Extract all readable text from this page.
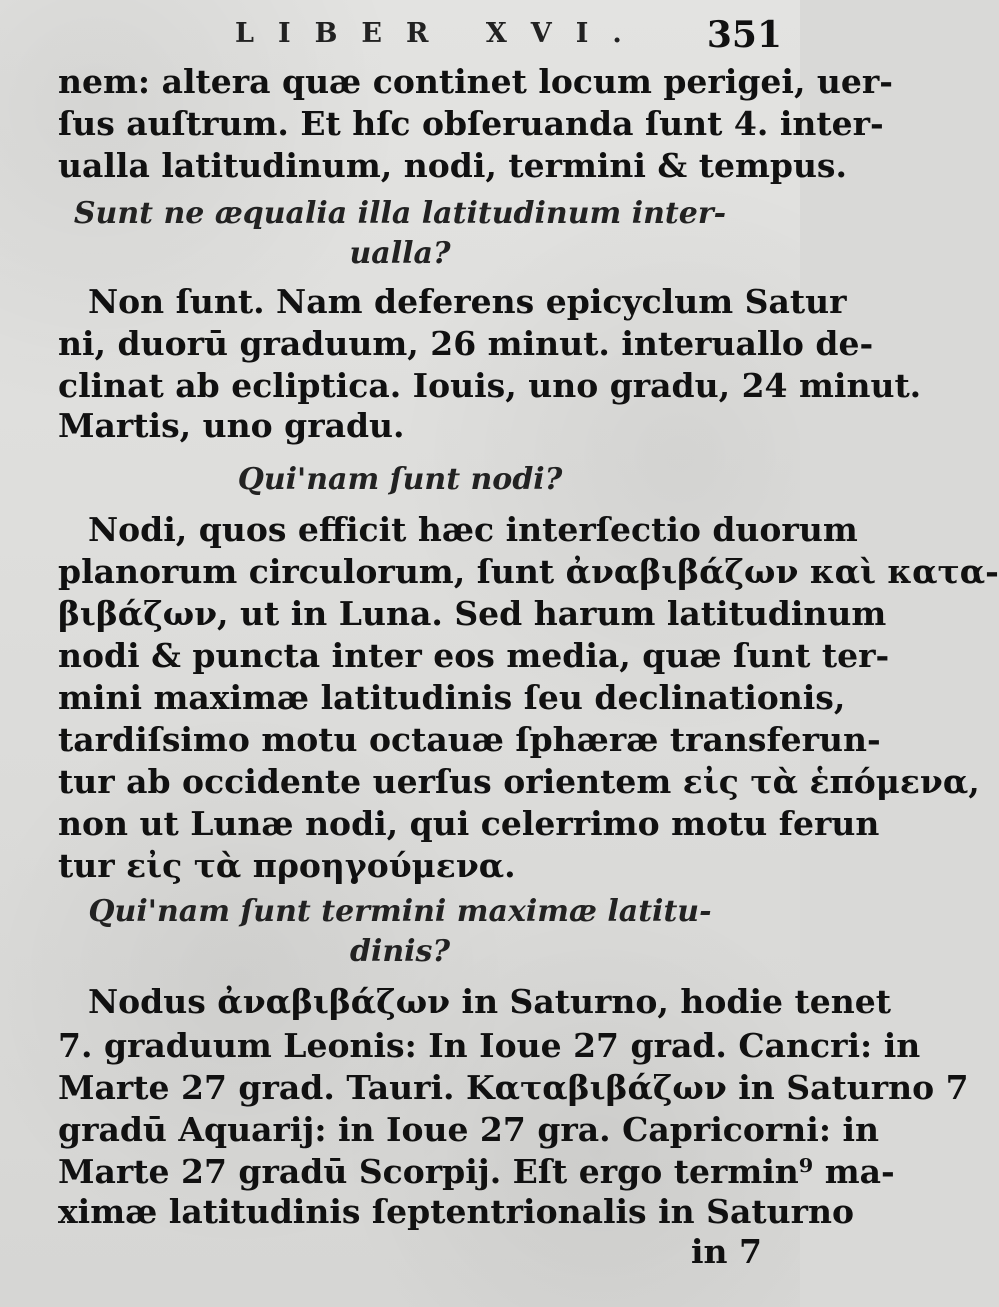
LIBER XVI. 351
nem: altera quæ continet locum perigei, uer-
ſus auſtrum. Et hſc obſeruanda ſunt 4. inter-
ualla latitudinum, nodi, termini & tempus.
Sunt ne æqualia illa latitudinum inter-
ualla?
Non ſunt. Nam deferens epicyclum Satur
ni, duorū graduum, 26 minut. interuallo de-
clinat ab ecliptica. Iouis, uno gradu, 24 minut.
Martis, uno gradu.
Qui'nam ſunt nodi?
Nodi, quos efficit hæc interſectio duorum
planorum circulorum, ſunt ἀναβιβάζων καὶ κατα-
βιβάζων, ut in Luna. Sed harum latitudinum
nodi & puncta inter eos media, quæ ſunt ter-
mini maximæ latitudinis ſeu declinationis,
tardiſsimo motu octauæ ſphæræ transferun-
tur ab occidente uerſus orientem εἰς τὰ ἑπόμενα,
non ut Lunæ nodi, qui celerrimo motu ferun
tur εἰς τὰ προηγούμενα.
Qui'nam ſunt termini maximæ latitu-
dinis?
Nodus ἀναβιβάζων in Saturno, hodie tenet
7. graduum Leonis: In Ioue 27 grad. Cancri: in
Marte 27 grad. Tauri. Καταβιβάζων in Saturno 7
gradū Aquarij: in Ioue 27 gra. Capricorni: in
Marte 27 gradū Scorpij. Eſt ergo termin⁹ ma-
ximæ latitudinis ſeptentrionalis in Saturno
in 7
